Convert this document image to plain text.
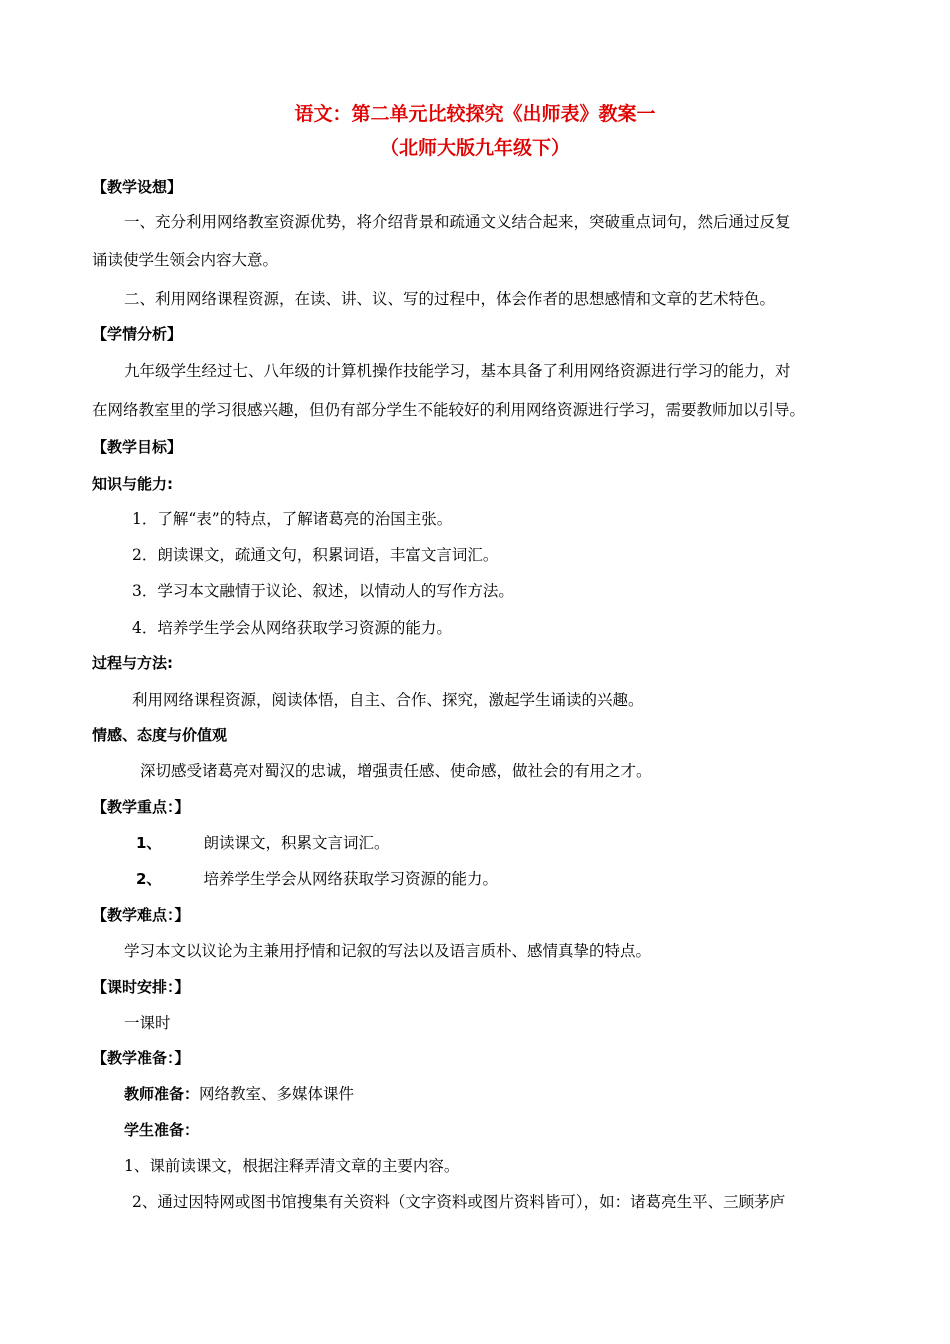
语文：第二单元比较探究《出师表》教案一
（北师大版九年级下）
【教学设想】
一、充分利用网络教室资源优势，将介绍背景和疏通文义结合起来，突破重点词句，然后通过反复
诵读使学生领会内容大意。
二、利用网络课程资源，在读、讲、议、写的过程中，体会作者的思想感情和文章的艺术特色。
【学情分析】
九年级学生经过七、八年级的计算机操作技能学习，基本具备了利用网络资源进行学习的能力，对
在网络教室里的学习很感兴趣，但仍有部分学生不能较好的利用网络资源进行学习，需要教师加以引导。
【教学目标】
知识与能力:
1．了解“表”的特点，了解诸葛亮的治国主张。
2．朗读课文，疏通文句，积累词语，丰富文言词汇。
3．学习本文融情于议论、叙述，以情动人的写作方法。
4．培养学生学会从网络获取学习资源的能力。
过程与方法:
利用网络课程资源，阅读体悟，自主、合作、探究，激起学生诵读的兴趣。
情感、态度与价值观
深切感受诸葛亮对蜀汉的忠诚，增强责任感、使命感，做社会的有用之才。
【教学重点：】
1、	朗读课文，积累文言词汇。
2、	培养学生学会从网络获取学习资源的能力。
【教学难点：】
学习本文以议论为主兼用抒情和记叙的写法以及语言质朴、感情真挚的特点。
【课时安排：】
一课时
【教学准备：】
教师准备：网络教室、多媒体课件
学生准备：
1、课前读课文，根据注释弄清文章的主要内容。
2、通过因特网或图书馆搜集有关资料（文字资料或图片资料皆可），如：诸葛亮生平、三顾茅庐
